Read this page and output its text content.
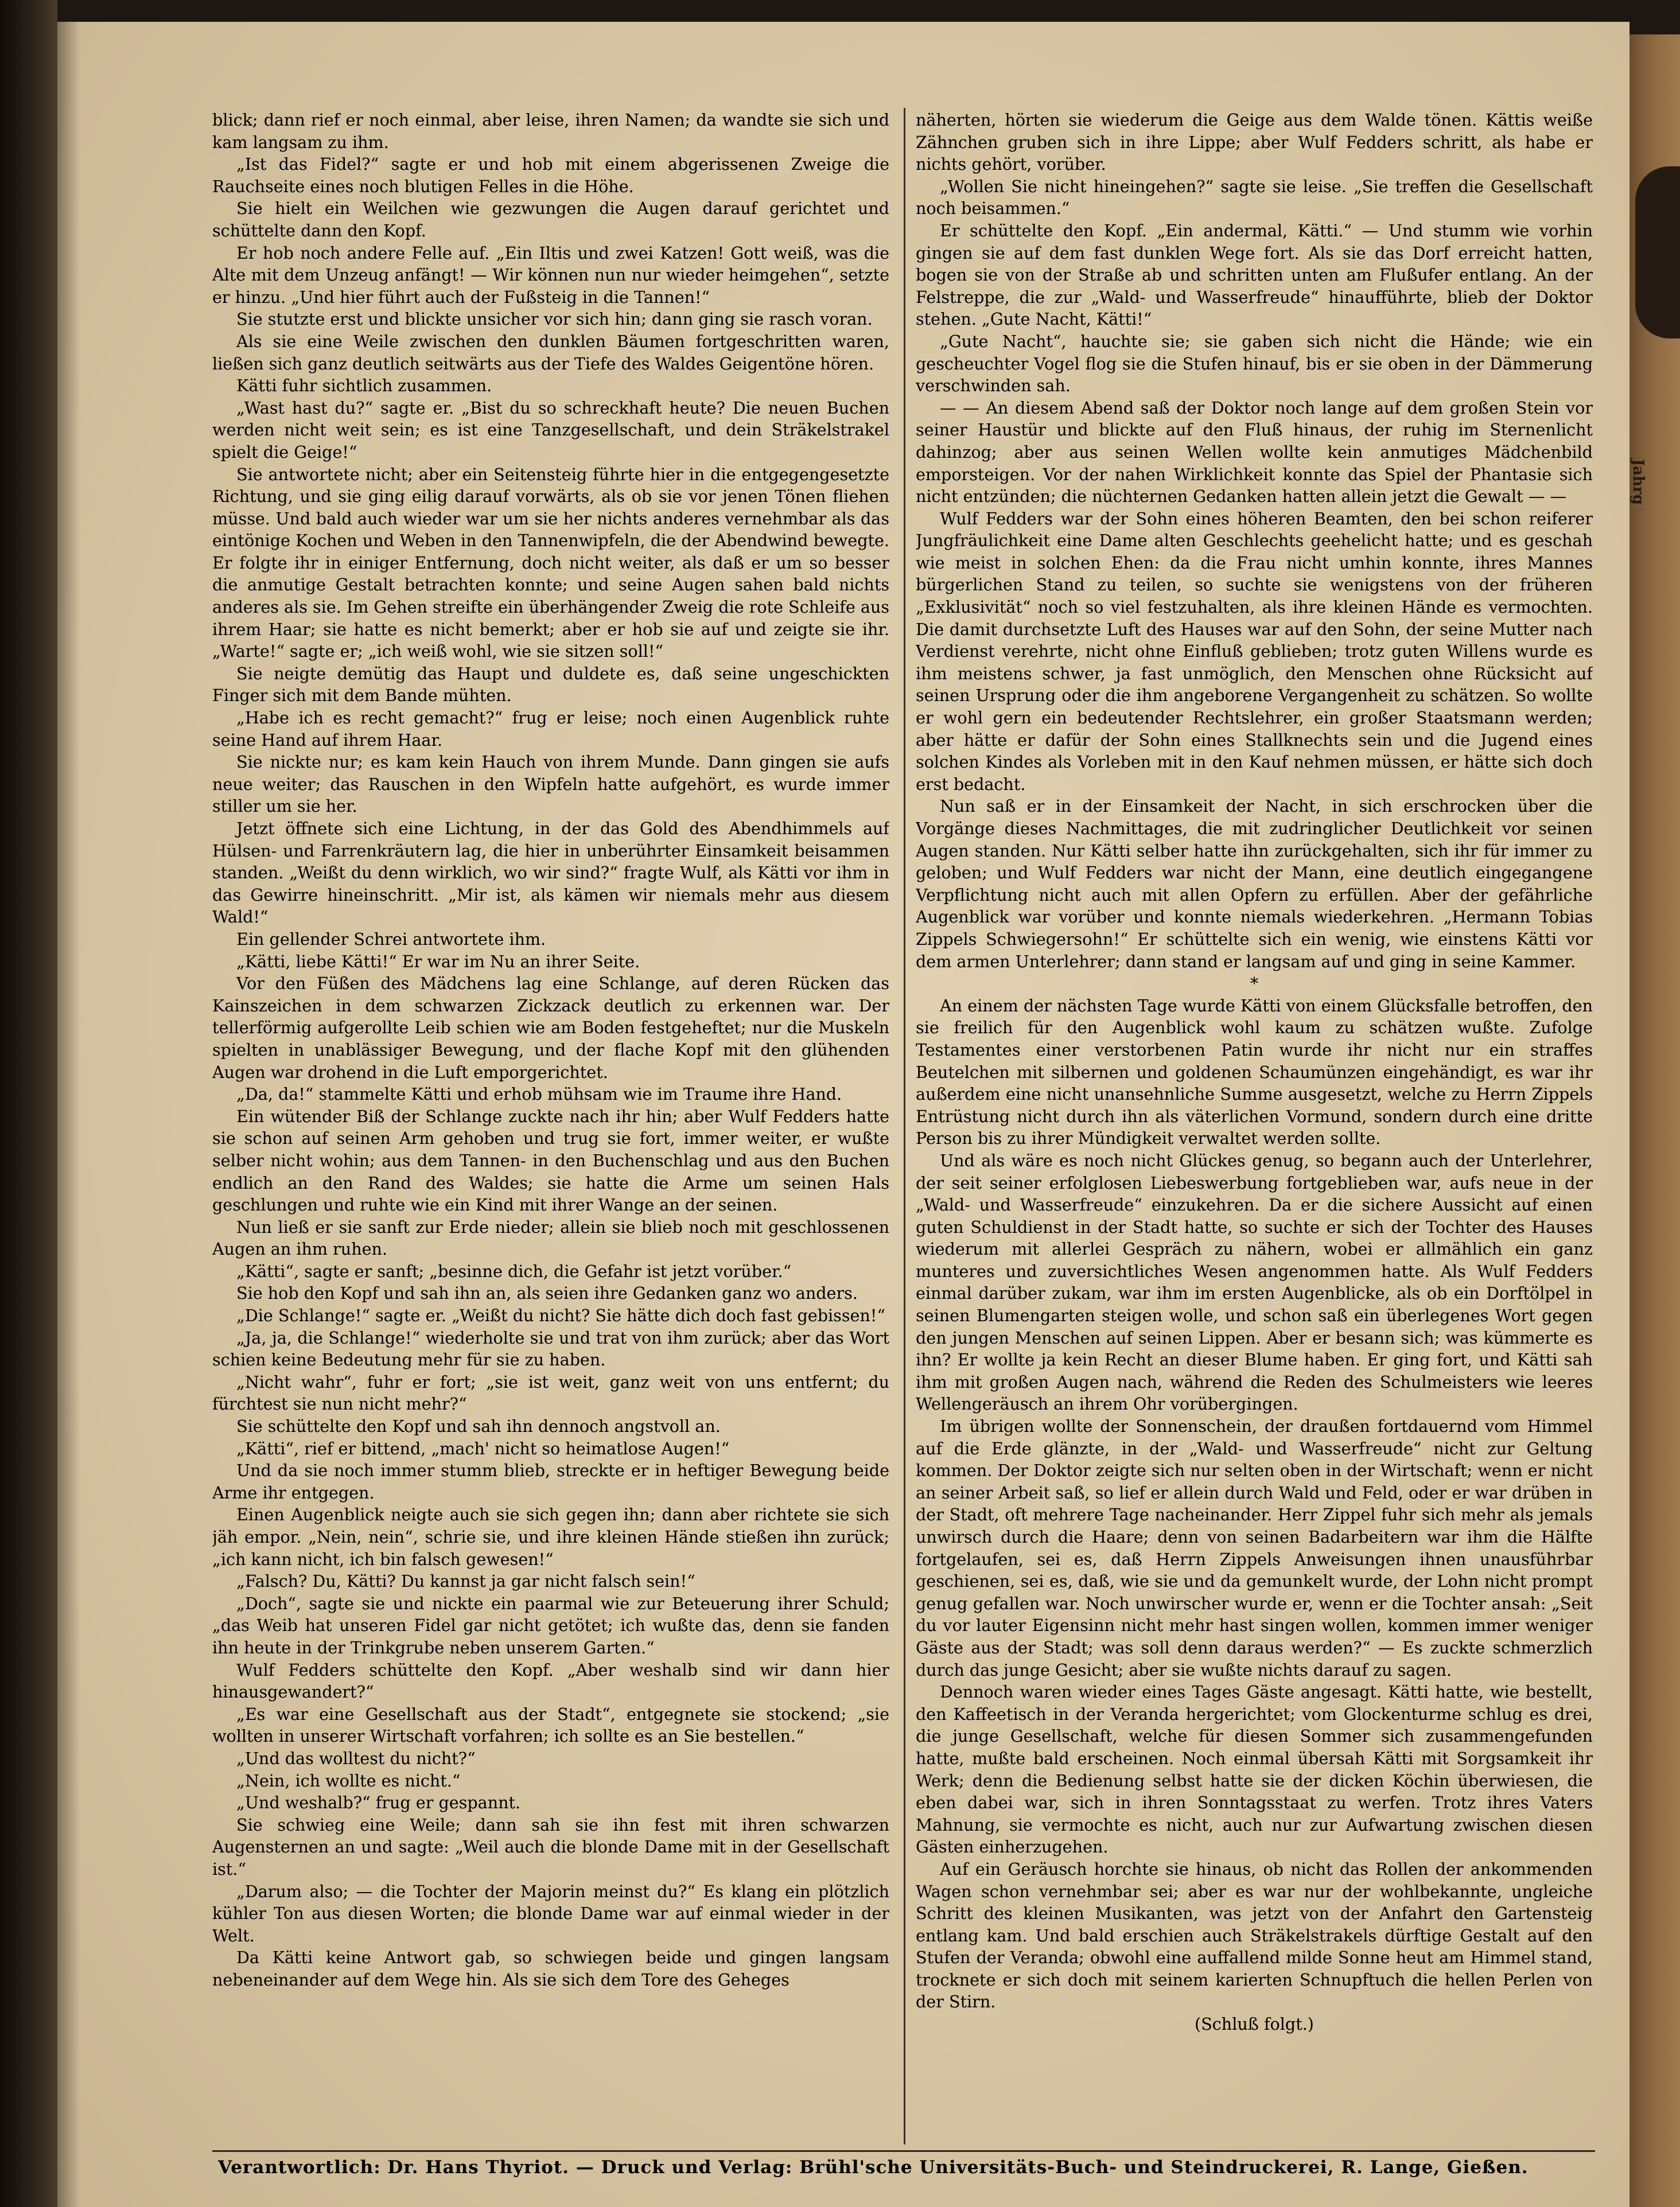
blick; dann rief er noch einmal, aber leise, ihren Namen; da wandte sie sich und kam langsam zu ihm.

„Ist das Fidel?“ sagte er und hob mit einem abgerissenen Zweige die Rauchseite eines noch blutigen Felles in die Höhe.

Sie hielt ein Weilchen wie gezwungen die Augen darauf gerichtet und schüttelte dann den Kopf.

Er hob noch andere Felle auf. „Ein Iltis und zwei Katzen! Gott weiß, was die Alte mit dem Unzeug anfängt! — Wir können nun nur wieder heimgehen“, setzte er hinzu. „Und hier führt auch der Fußsteig in die Tannen!“

Sie stutzte erst und blickte unsicher vor sich hin; dann ging sie rasch voran.

Als sie eine Weile zwischen den dunklen Bäumen fortgeschritten waren, ließen sich ganz deutlich seitwärts aus der Tiefe des Waldes Geigentöne hören.

Kätti fuhr sichtlich zusammen.

„Wast hast du?“ sagte er. „Bist du so schreckhaft heute? Die neuen Buchen werden nicht weit sein; es ist eine Tanzgesellschaft, und dein Sträkelstrakel spielt die Geige!“

Sie antwortete nicht; aber ein Seitensteig führte hier in die entgegengesetzte Richtung, und sie ging eilig darauf vorwärts, als ob sie vor jenen Tönen fliehen müsse. Und bald auch wieder war um sie her nichts anderes vernehmbar als das eintönige Kochen und Weben in den Tannenwipfeln, die der Abendwind bewegte. Er folgte ihr in einiger Entfernung, doch nicht weiter, als daß er um so besser die anmutige Gestalt betrachten konnte; und seine Augen sahen bald nichts anderes als sie. Im Gehen streifte ein überhängender Zweig die rote Schleife aus ihrem Haar; sie hatte es nicht bemerkt; aber er hob sie auf und zeigte sie ihr. „Warte!“ sagte er; „ich weiß wohl, wie sie sitzen soll!“

Sie neigte demütig das Haupt und duldete es, daß seine ungeschickten Finger sich mit dem Bande mühten.

„Habe ich es recht gemacht?“ frug er leise; noch einen Augenblick ruhte seine Hand auf ihrem Haar.

Sie nickte nur; es kam kein Hauch von ihrem Munde. Dann gingen sie aufs neue weiter; das Rauschen in den Wipfeln hatte aufgehört, es wurde immer stiller um sie her.

Jetzt öffnete sich eine Lichtung, in der das Gold des Abendhimmels auf Hülsen- und Farrenkräutern lag, die hier in unberührter Einsamkeit beisammen standen. „Weißt du denn wirklich, wo wir sind?“ fragte Wulf, als Kätti vor ihm in das Gewirre hineinschritt. „Mir ist, als kämen wir niemals mehr aus diesem Wald!“

Ein gellender Schrei antwortete ihm.

„Kätti, liebe Kätti!“ Er war im Nu an ihrer Seite.

Vor den Füßen des Mädchens lag eine Schlange, auf deren Rücken das Kainszeichen in dem schwarzen Zickzack deutlich zu erkennen war. Der tellerförmig aufgerollte Leib schien wie am Boden festgeheftet; nur die Muskeln spielten in unablässiger Bewegung, und der flache Kopf mit den glühenden Augen war drohend in die Luft emporgerichtet.

„Da, da!“ stammelte Kätti und erhob mühsam wie im Traume ihre Hand.

Ein wütender Biß der Schlange zuckte nach ihr hin; aber Wulf Fedders hatte sie schon auf seinen Arm gehoben und trug sie fort, immer weiter, er wußte selber nicht wohin; aus dem Tannen- in den Buchenschlag und aus den Buchen endlich an den Rand des Waldes; sie hatte die Arme um seinen Hals geschlungen und ruhte wie ein Kind mit ihrer Wange an der seinen.

Nun ließ er sie sanft zur Erde nieder; allein sie blieb noch mit geschlossenen Augen an ihm ruhen.

„Kätti“, sagte er sanft; „besinne dich, die Gefahr ist jetzt vorüber.“

Sie hob den Kopf und sah ihn an, als seien ihre Gedanken ganz wo anders.

„Die Schlange!“ sagte er. „Weißt du nicht? Sie hätte dich doch fast gebissen!“

„Ja, ja, die Schlange!“ wiederholte sie und trat von ihm zurück; aber das Wort schien keine Bedeutung mehr für sie zu haben.

„Nicht wahr“, fuhr er fort; „sie ist weit, ganz weit von uns entfernt; du fürchtest sie nun nicht mehr?“

Sie schüttelte den Kopf und sah ihn dennoch angstvoll an.

„Kätti“, rief er bittend, „mach' nicht so heimatlose Augen!“

Und da sie noch immer stumm blieb, streckte er in heftiger Bewegung beide Arme ihr entgegen.

Einen Augenblick neigte auch sie sich gegen ihn; dann aber richtete sie sich jäh empor. „Nein, nein“, schrie sie, und ihre kleinen Hände stießen ihn zurück; „ich kann nicht, ich bin falsch gewesen!“

„Falsch? Du, Kätti? Du kannst ja gar nicht falsch sein!“

„Doch“, sagte sie und nickte ein paarmal wie zur Beteuerung ihrer Schuld; „das Weib hat unseren Fidel gar nicht getötet; ich wußte das, denn sie fanden ihn heute in der Trinkgrube neben unserem Garten.“

Wulf Fedders schüttelte den Kopf. „Aber weshalb sind wir dann hier hinausgewandert?“

„Es war eine Gesellschaft aus der Stadt“, entgegnete sie stockend; „sie wollten in unserer Wirtschaft vorfahren; ich sollte es an Sie bestellen.“

„Und das wolltest du nicht?“

„Nein, ich wollte es nicht.“

„Und weshalb?“ frug er gespannt.

Sie schwieg eine Weile; dann sah sie ihn fest mit ihren schwarzen Augensternen an und sagte: „Weil auch die blonde Dame mit in der Gesellschaft ist.“

„Darum also; — die Tochter der Majorin meinst du?“ Es klang ein plötzlich kühler Ton aus diesen Worten; die blonde Dame war auf einmal wieder in der Welt.

Da Kätti keine Antwort gab, so schwiegen beide und gingen langsam nebeneinander auf dem Wege hin. Als sie sich dem Tore des Geheges

näherten, hörten sie wiederum die Geige aus dem Walde tönen. Kättis weiße Zähnchen gruben sich in ihre Lippe; aber Wulf Fedders schritt, als habe er nichts gehört, vorüber.

„Wollen Sie nicht hineingehen?“ sagte sie leise. „Sie treffen die Gesellschaft noch beisammen.“

Er schüttelte den Kopf. „Ein andermal, Kätti.“ — Und stumm wie vorhin gingen sie auf dem fast dunklen Wege fort. Als sie das Dorf erreicht hatten, bogen sie von der Straße ab und schritten unten am Flußufer entlang. An der Felstreppe, die zur „Wald- und Wasserfreude“ hinaufführte, blieb der Doktor stehen. „Gute Nacht, Kätti!“

„Gute Nacht“, hauchte sie; sie gaben sich nicht die Hände; wie ein gescheuchter Vogel flog sie die Stufen hinauf, bis er sie oben in der Dämmerung verschwinden sah.

— — An diesem Abend saß der Doktor noch lange auf dem großen Stein vor seiner Haustür und blickte auf den Fluß hinaus, der ruhig im Sternenlicht dahinzog; aber aus seinen Wellen wollte kein anmutiges Mädchenbild emporsteigen. Vor der nahen Wirklichkeit konnte das Spiel der Phantasie sich nicht entzünden; die nüchternen Gedanken hatten allein jetzt die Gewalt — —

Wulf Fedders war der Sohn eines höheren Beamten, den bei schon reiferer Jungfräulichkeit eine Dame alten Geschlechts geehelicht hatte; und es geschah wie meist in solchen Ehen: da die Frau nicht umhin konnte, ihres Mannes bürgerlichen Stand zu teilen, so suchte sie wenigstens von der früheren „Exklusivität“ noch so viel festzuhalten, als ihre kleinen Hände es vermochten. Die damit durchsetzte Luft des Hauses war auf den Sohn, der seine Mutter nach Verdienst verehrte, nicht ohne Einfluß geblieben; trotz guten Willens wurde es ihm meistens schwer, ja fast unmöglich, den Menschen ohne Rücksicht auf seinen Ursprung oder die ihm angeborene Vergangenheit zu schätzen. So wollte er wohl gern ein bedeutender Rechtslehrer, ein großer Staatsmann werden; aber hätte er dafür der Sohn eines Stallknechts sein und die Jugend eines solchen Kindes als Vorleben mit in den Kauf nehmen müssen, er hätte sich doch erst bedacht.

Nun saß er in der Einsamkeit der Nacht, in sich erschrocken über die Vorgänge dieses Nachmittages, die mit zudringlicher Deutlichkeit vor seinen Augen standen. Nur Kätti selber hatte ihn zurückgehalten, sich ihr für immer zu geloben; und Wulf Fedders war nicht der Mann, eine deutlich eingegangene Verpflichtung nicht auch mit allen Opfern zu erfüllen. Aber der gefährliche Augenblick war vorüber und konnte niemals wiederkehren. „Hermann Tobias Zippels Schwiegersohn!“ Er schüttelte sich ein wenig, wie einstens Kätti vor dem armen Unterlehrer; dann stand er langsam auf und ging in seine Kammer.

*

An einem der nächsten Tage wurde Kätti von einem Glücksfalle betroffen, den sie freilich für den Augenblick wohl kaum zu schätzen wußte. Zufolge Testamentes einer verstorbenen Patin wurde ihr nicht nur ein straffes Beutelchen mit silbernen und goldenen Schaumünzen eingehändigt, es war ihr außerdem eine nicht unansehnliche Summe ausgesetzt, welche zu Herrn Zippels Entrüstung nicht durch ihn als väterlichen Vormund, sondern durch eine dritte Person bis zu ihrer Mündigkeit verwaltet werden sollte.

Und als wäre es noch nicht Glückes genug, so begann auch der Unterlehrer, der seit seiner erfolglosen Liebeswerbung fortgeblieben war, aufs neue in der „Wald- und Wasserfreude“ einzukehren. Da er die sichere Aussicht auf einen guten Schuldienst in der Stadt hatte, so suchte er sich der Tochter des Hauses wiederum mit allerlei Gespräch zu nähern, wobei er allmählich ein ganz munteres und zuversichtliches Wesen angenommen hatte. Als Wulf Fedders einmal darüber zukam, war ihm im ersten Augenblicke, als ob ein Dorftölpel in seinen Blumengarten steigen wolle, und schon saß ein überlegenes Wort gegen den jungen Menschen auf seinen Lippen. Aber er besann sich; was kümmerte es ihn? Er wollte ja kein Recht an dieser Blume haben. Er ging fort, und Kätti sah ihm mit großen Augen nach, während die Reden des Schulmeisters wie leeres Wellengeräusch an ihrem Ohr vorübergingen.

Im übrigen wollte der Sonnenschein, der draußen fortdauernd vom Himmel auf die Erde glänzte, in der „Wald- und Wasserfreude“ nicht zur Geltung kommen. Der Doktor zeigte sich nur selten oben in der Wirtschaft; wenn er nicht an seiner Arbeit saß, so lief er allein durch Wald und Feld, oder er war drüben in der Stadt, oft mehrere Tage nacheinander. Herr Zippel fuhr sich mehr als jemals unwirsch durch die Haare; denn von seinen Badarbeitern war ihm die Hälfte fortgelaufen, sei es, daß Herrn Zippels Anweisungen ihnen unausführbar geschienen, sei es, daß, wie sie und da gemunkelt wurde, der Lohn nicht prompt genug gefallen war. Noch unwirscher wurde er, wenn er die Tochter ansah: „Seit du vor lauter Eigensinn nicht mehr hast singen wollen, kommen immer weniger Gäste aus der Stadt; was soll denn daraus werden?“ — Es zuckte schmerzlich durch das junge Gesicht; aber sie wußte nichts darauf zu sagen.

Dennoch waren wieder eines Tages Gäste angesagt. Kätti hatte, wie bestellt, den Kaffeetisch in der Veranda hergerichtet; vom Glockenturme schlug es drei, die junge Gesellschaft, welche für diesen Sommer sich zusammengefunden hatte, mußte bald erscheinen. Noch einmal übersah Kätti mit Sorgsamkeit ihr Werk; denn die Bedienung selbst hatte sie der dicken Köchin überwiesen, die eben dabei war, sich in ihren Sonntagsstaat zu werfen. Trotz ihres Vaters Mahnung, sie vermochte es nicht, auch nur zur Aufwartung zwischen diesen Gästen einherzugehen.

Auf ein Geräusch horchte sie hinaus, ob nicht das Rollen der ankommenden Wagen schon vernehmbar sei; aber es war nur der wohlbekannte, ungleiche Schritt des kleinen Musikanten, was jetzt von der Anfahrt den Gartensteig entlang kam. Und bald erschien auch Sträkelstrakels dürftige Gestalt auf den Stufen der Veranda; obwohl eine auffallend milde Sonne heut am Himmel stand, trocknete er sich doch mit seinem karierten Schnupftuch die hellen Perlen von der Stirn.

(Schluß folgt.)

Verantwortlich: Dr. Hans Thyriot. — Druck und Verlag: Brühl'sche Universitäts-Buch- und Steindruckerei, R. Lange, Gießen.
Jahrg
